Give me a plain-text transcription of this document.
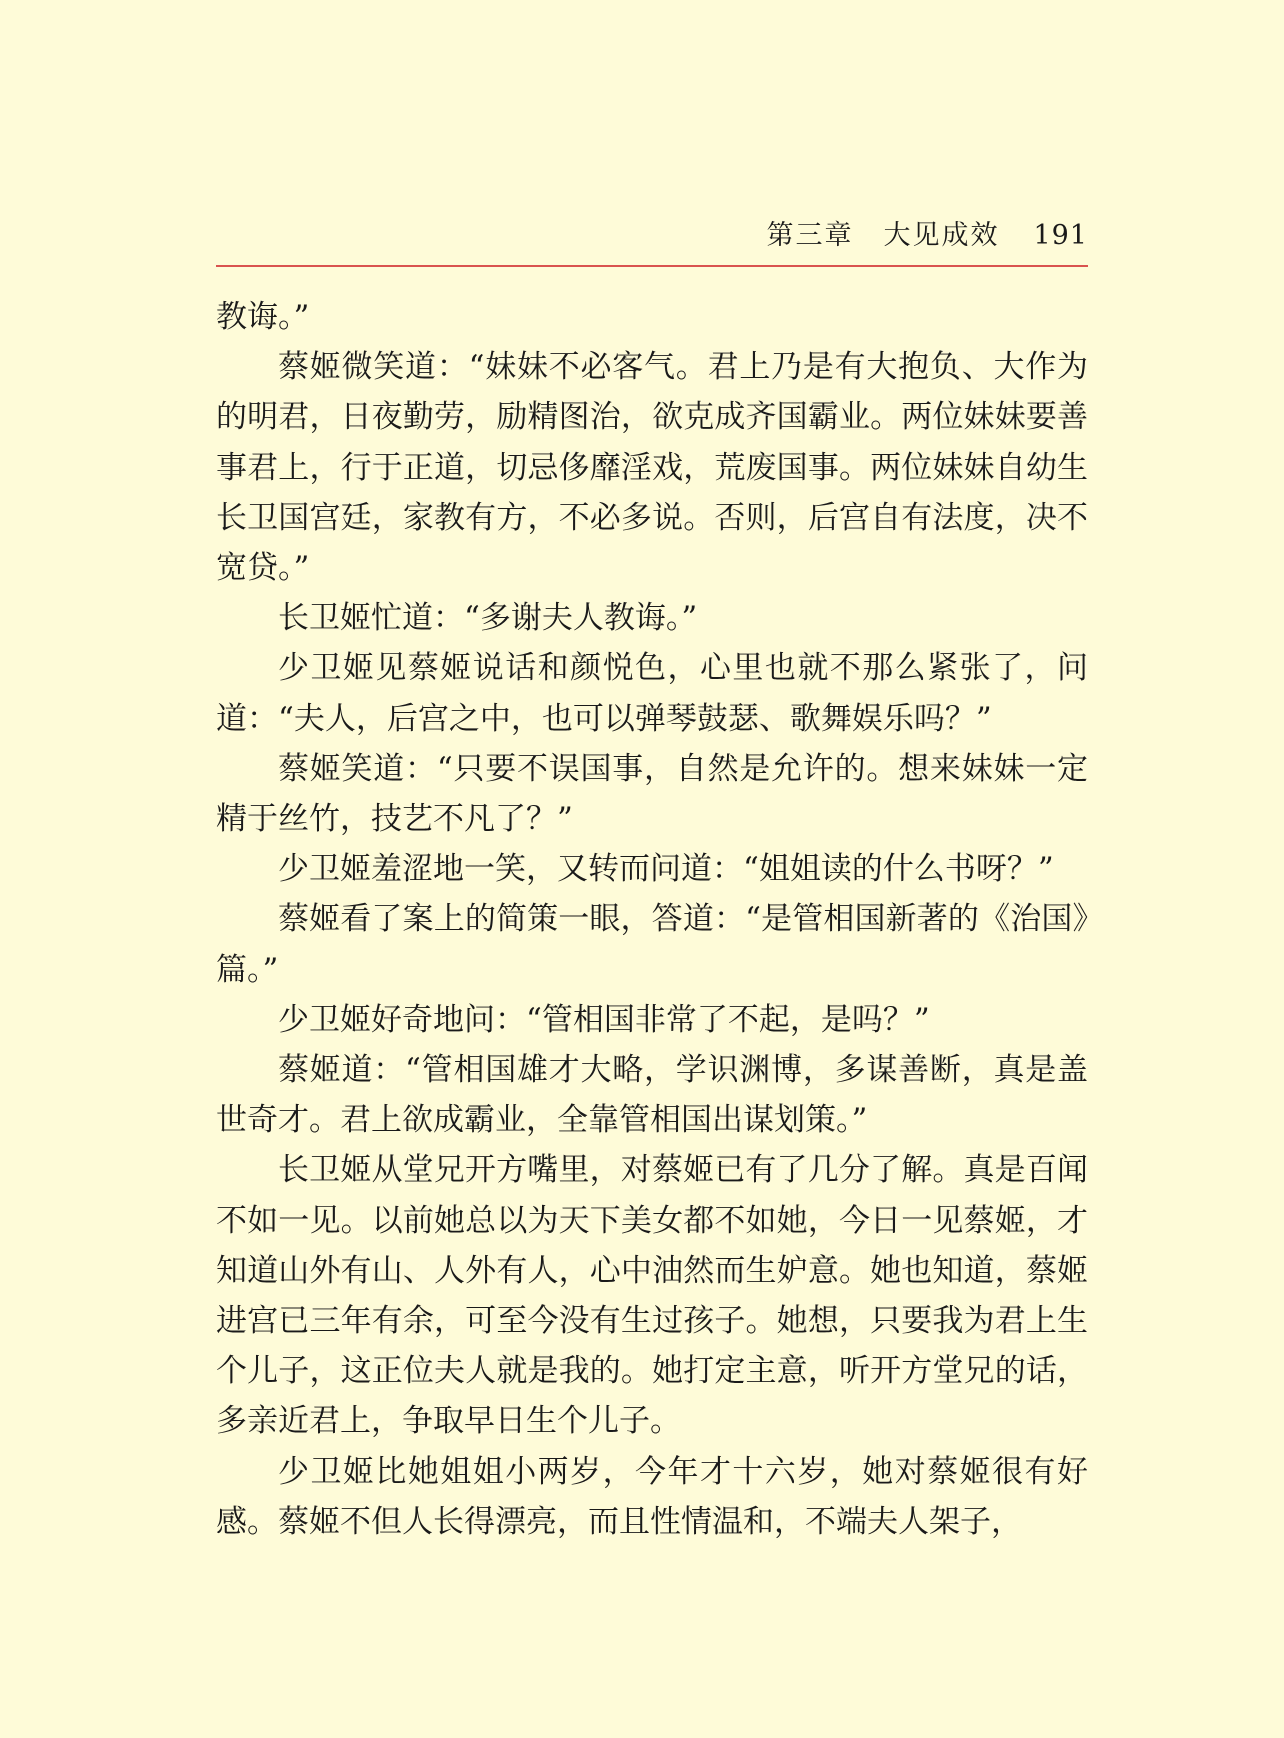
第三章 大见成效 191

教诲。”

蔡姬微笑道：“妹妹不必客气。君上乃是有大抱负、大作为的明君，日夜勤劳，励精图治，欲克成齐国霸业。两位妹妹要善事君上，行于正道，切忌侈靡淫戏，荒废国事。两位妹妹自幼生长卫国宫廷，家教有方，不必多说。否则，后宫自有法度，决不宽贷。”

长卫姬忙道：“多谢夫人教诲。”

少卫姬见蔡姬说话和颜悦色，心里也就不那么紧张了，问道：“夫人，后宫之中，也可以弹琴鼓瑟、歌舞娱乐吗？”

蔡姬笑道：“只要不误国事，自然是允许的。想来妹妹一定精于丝竹，技艺不凡了？”

少卫姬羞涩地一笑，又转而问道：“姐姐读的什么书呀？”

蔡姬看了案上的简策一眼，答道：“是管相国新著的《治国》篇。”

少卫姬好奇地问：“管相国非常了不起，是吗？”

蔡姬道：“管相国雄才大略，学识渊博，多谋善断，真是盖世奇才。君上欲成霸业，全靠管相国出谋划策。”

长卫姬从堂兄开方嘴里，对蔡姬已有了几分了解。真是百闻不如一见。以前她总以为天下美女都不如她，今日一见蔡姬，才知道山外有山、人外有人，心中油然而生妒意。她也知道，蔡姬进宫已三年有余，可至今没有生过孩子。她想，只要我为君上生个儿子，这正位夫人就是我的。她打定主意，听开方堂兄的话，多亲近君上，争取早日生个儿子。

少卫姬比她姐姐小两岁，今年才十六岁，她对蔡姬很有好感。蔡姬不但人长得漂亮，而且性情温和，不端夫人架子，
